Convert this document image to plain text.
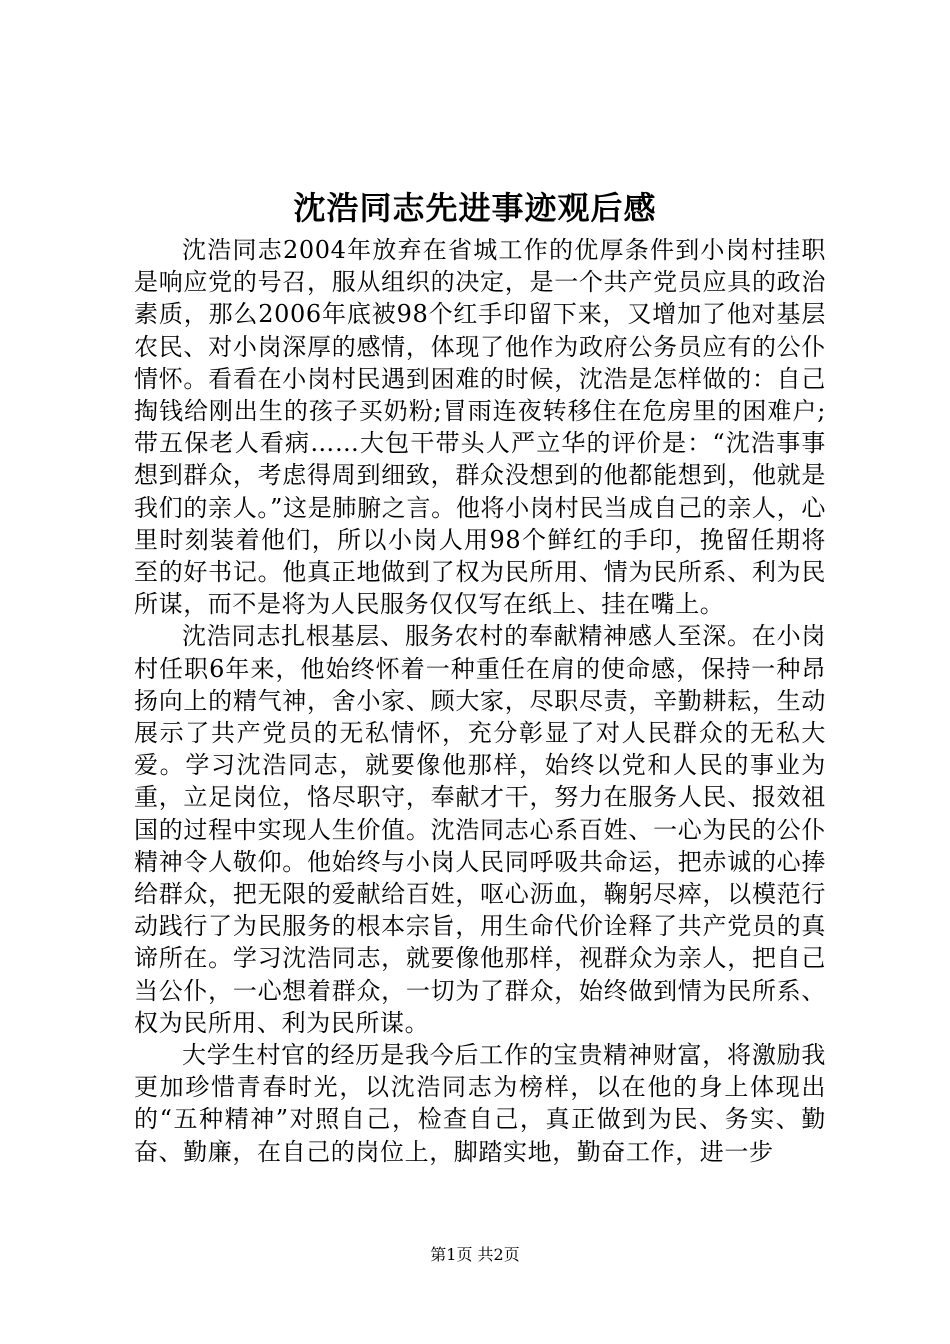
沈浩同志先进事迹观后感

沈浩同志2004年放弃在省城工作的优厚条件到小岗村挂职是响应党的号召，服从组织的决定，是一个共产党员应具的政治素质，那么2006年底被98个红手印留下来，又增加了他对基层农民、对小岗深厚的感情，体现了他作为政府公务员应有的公仆情怀。看看在小岗村民遇到困难的时候，沈浩是怎样做的：自己掏钱给刚出生的孩子买奶粉;冒雨连夜转移住在危房里的困难户;带五保老人看病……大包干带头人严立华的评价是：“沈浩事事想到群众，考虑得周到细致，群众没想到的他都能想到，他就是我们的亲人。”这是肺腑之言。他将小岗村民当成自己的亲人，心里时刻装着他们，所以小岗人用98个鲜红的手印，挽留任期将至的好书记。他真正地做到了权为民所用、情为民所系、利为民所谋，而不是将为人民服务仅仅写在纸上、挂在嘴上。

沈浩同志扎根基层、服务农村的奉献精神感人至深。在小岗村任职6年来，他始终怀着一种重任在肩的使命感，保持一种昂扬向上的精气神，舍小家、顾大家，尽职尽责，辛勤耕耘，生动展示了共产党员的无私情怀，充分彰显了对人民群众的无私大爱。学习沈浩同志，就要像他那样，始终以党和人民的事业为重，立足岗位，恪尽职守，奉献才干，努力在服务人民、报效祖国的过程中实现人生价值。沈浩同志心系百姓、一心为民的公仆精神令人敬仰。他始终与小岗人民同呼吸共命运，把赤诚的心捧给群众，把无限的爱献给百姓，呕心沥血，鞠躬尽瘁，以模范行动践行了为民服务的根本宗旨，用生命代价诠释了共产党员的真谛所在。学习沈浩同志，就要像他那样，视群众为亲人，把自己当公仆，一心想着群众，一切为了群众，始终做到情为民所系、权为民所用、利为民所谋。

大学生村官的经历是我今后工作的宝贵精神财富，将激励我更加珍惜青春时光，以沈浩同志为榜样，以在他的身上体现出的“五种精神”对照自己，检查自己，真正做到为民、务实、勤奋、勤廉，在自己的岗位上，脚踏实地，勤奋工作，进一步

第1页 共2页
